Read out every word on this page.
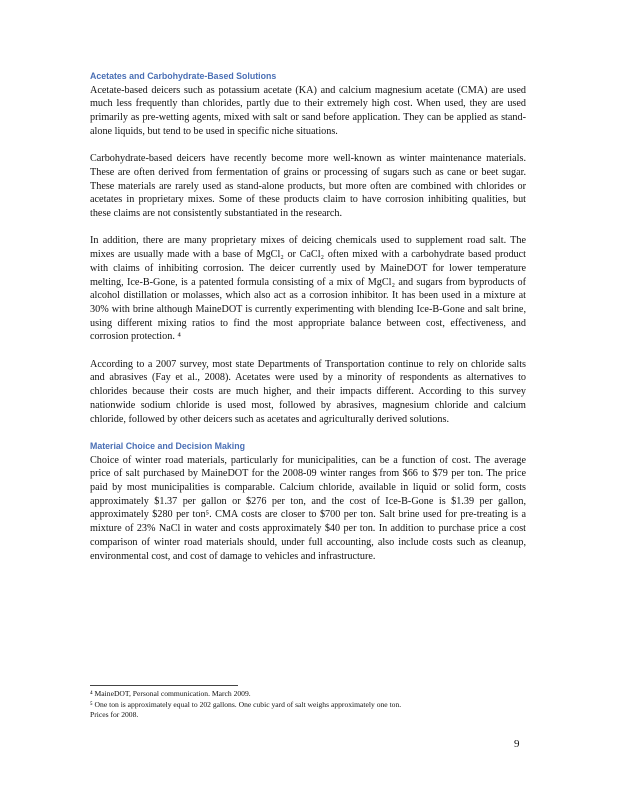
Acetates and Carbohydrate-Based Solutions

Acetate-based deicers such as potassium acetate (KA) and calcium magnesium acetate (CMA) are used much less frequently than chlorides, partly due to their extremely high cost. When used, they are used primarily as pre-wetting agents, mixed with salt or sand before application. They can be applied as stand-alone liquids, but tend to be used in specific niche situations.

Carbohydrate-based deicers have recently become more well-known as winter maintenance materials. These are often derived from fermentation of grains or processing of sugars such as cane or beet sugar. These materials are rarely used as stand-alone products, but more often are combined with chlorides or acetates in proprietary mixes. Some of these products claim to have corrosion inhibiting qualities, but these claims are not consistently substantiated in the research.

In addition, there are many proprietary mixes of deicing chemicals used to supplement road salt. The mixes are usually made with a base of MgCl₂ or CaCl₂ often mixed with a carbohydrate based product with claims of inhibiting corrosion. The deicer currently used by MaineDOT for lower temperature melting, Ice-B-Gone, is a patented formula consisting of a mix of MgCl₂ and sugars from byproducts of alcohol distillation or molasses, which also act as a corrosion inhibitor. It has been used in a mixture at 30% with brine although MaineDOT is currently experimenting with blending Ice-B-Gone and salt brine, using different mixing ratios to find the most appropriate balance between cost, effectiveness, and corrosion protection. ⁴

According to a 2007 survey, most state Departments of Transportation continue to rely on chloride salts and abrasives (Fay et al., 2008). Acetates were used by a minority of respondents as alternatives to chlorides because their costs are much higher, and their impacts different. According to this survey nationwide sodium chloride is used most, followed by abrasives, magnesium chloride and calcium chloride, followed by other deicers such as acetates and agriculturally derived solutions.

Material Choice and Decision Making

Choice of winter road materials, particularly for municipalities, can be a function of cost. The average price of salt purchased by MaineDOT for the 2008-09 winter ranges from $66 to $79 per ton. The price paid by most municipalities is comparable. Calcium chloride, available in liquid or solid form, costs approximately $1.37 per gallon or $276 per ton, and the cost of Ice-B-Gone is $1.39 per gallon, approximately $280 per ton⁵. CMA costs are closer to $700 per ton. Salt brine used for pre-treating is a mixture of 23% NaCl in water and costs approximately $40 per ton. In addition to purchase price a cost comparison of winter road materials should, under full accounting, also include costs such as cleanup, environmental cost, and cost of damage to vehicles and infrastructure.

⁴ MaineDOT, Personal communication. March 2009.

⁵ One ton is approximately equal to 202 gallons. One cubic yard of salt weighs approximately one ton.

Prices for 2008.

9
